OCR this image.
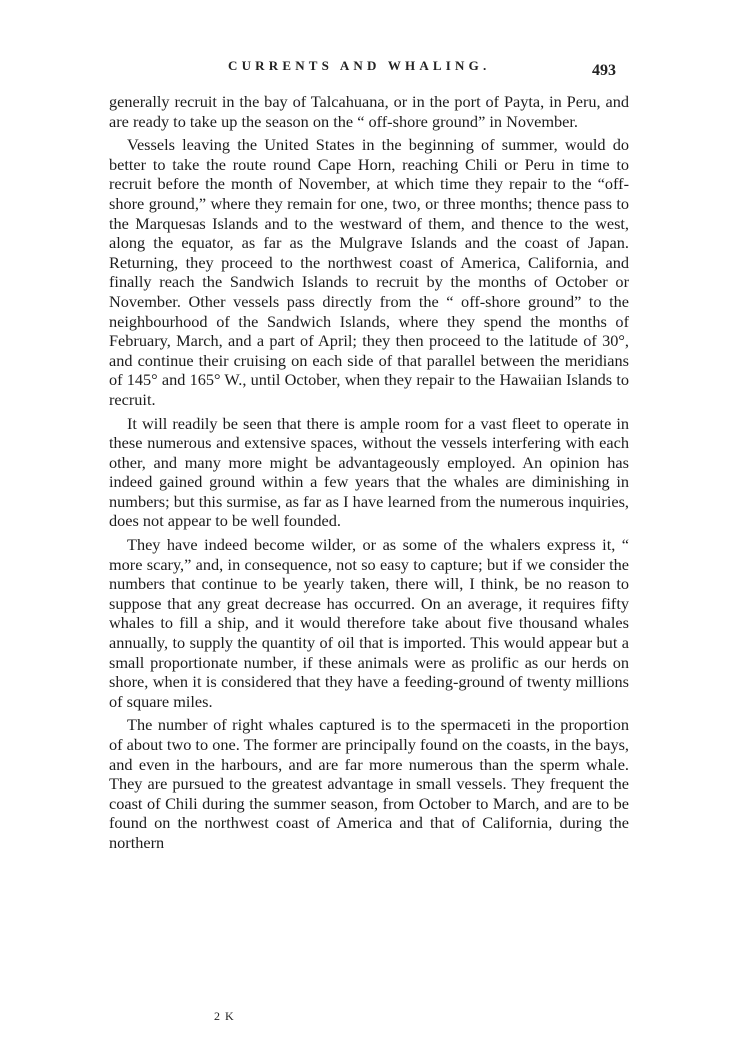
CURRENTS AND WHALING.	493

generally recruit in the bay of Talcahuana, or in the port of Payta, in Peru, and are ready to take up the season on the “ off-shore ground” in November.

Vessels leaving the United States in the beginning of summer, would do better to take the route round Cape Horn, reaching Chili or Peru in time to recruit before the month of November, at which time they repair to the “off-shore ground,” where they remain for one, two, or three months; thence pass to the Marquesas Islands and to the westward of them, and thence to the west, along the equator, as far as the Mulgrave Islands and the coast of Japan. Returning, they proceed to the northwest coast of America, California, and finally reach the Sandwich Islands to recruit by the months of October or November. Other vessels pass directly from the “ off-shore ground” to the neighbourhood of the Sandwich Islands, where they spend the months of February, March, and a part of April; they then proceed to the latitude of 30°, and continue their cruising on each side of that parallel between the meridians of 145° and 165° W., until October, when they repair to the Hawaiian Islands to recruit.

It will readily be seen that there is ample room for a vast fleet to operate in these numerous and extensive spaces, without the vessels interfering with each other, and many more might be advantageously employed. An opinion has indeed gained ground within a few years that the whales are diminishing in numbers; but this surmise, as far as I have learned from the numerous inquiries, does not appear to be well founded.

They have indeed become wilder, or as some of the whalers express it, “ more scary,” and, in consequence, not so easy to capture; but if we consider the numbers that continue to be yearly taken, there will, I think, be no reason to suppose that any great decrease has occurred. On an average, it requires fifty whales to fill a ship, and it would therefore take about five thousand whales annually, to supply the quantity of oil that is imported. This would appear but a small proportionate number, if these animals were as prolific as our herds on shore, when it is considered that they have a feeding-ground of twenty millions of square miles.

The number of right whales captured is to the spermaceti in the proportion of about two to one. The former are principally found on the coasts, in the bays, and even in the harbours, and are far more numerous than the sperm whale. They are pursued to the greatest advantage in small vessels. They frequent the coast of Chili during the summer season, from October to March, and are to be found on the northwest coast of America and that of California, during the northern

2 K
